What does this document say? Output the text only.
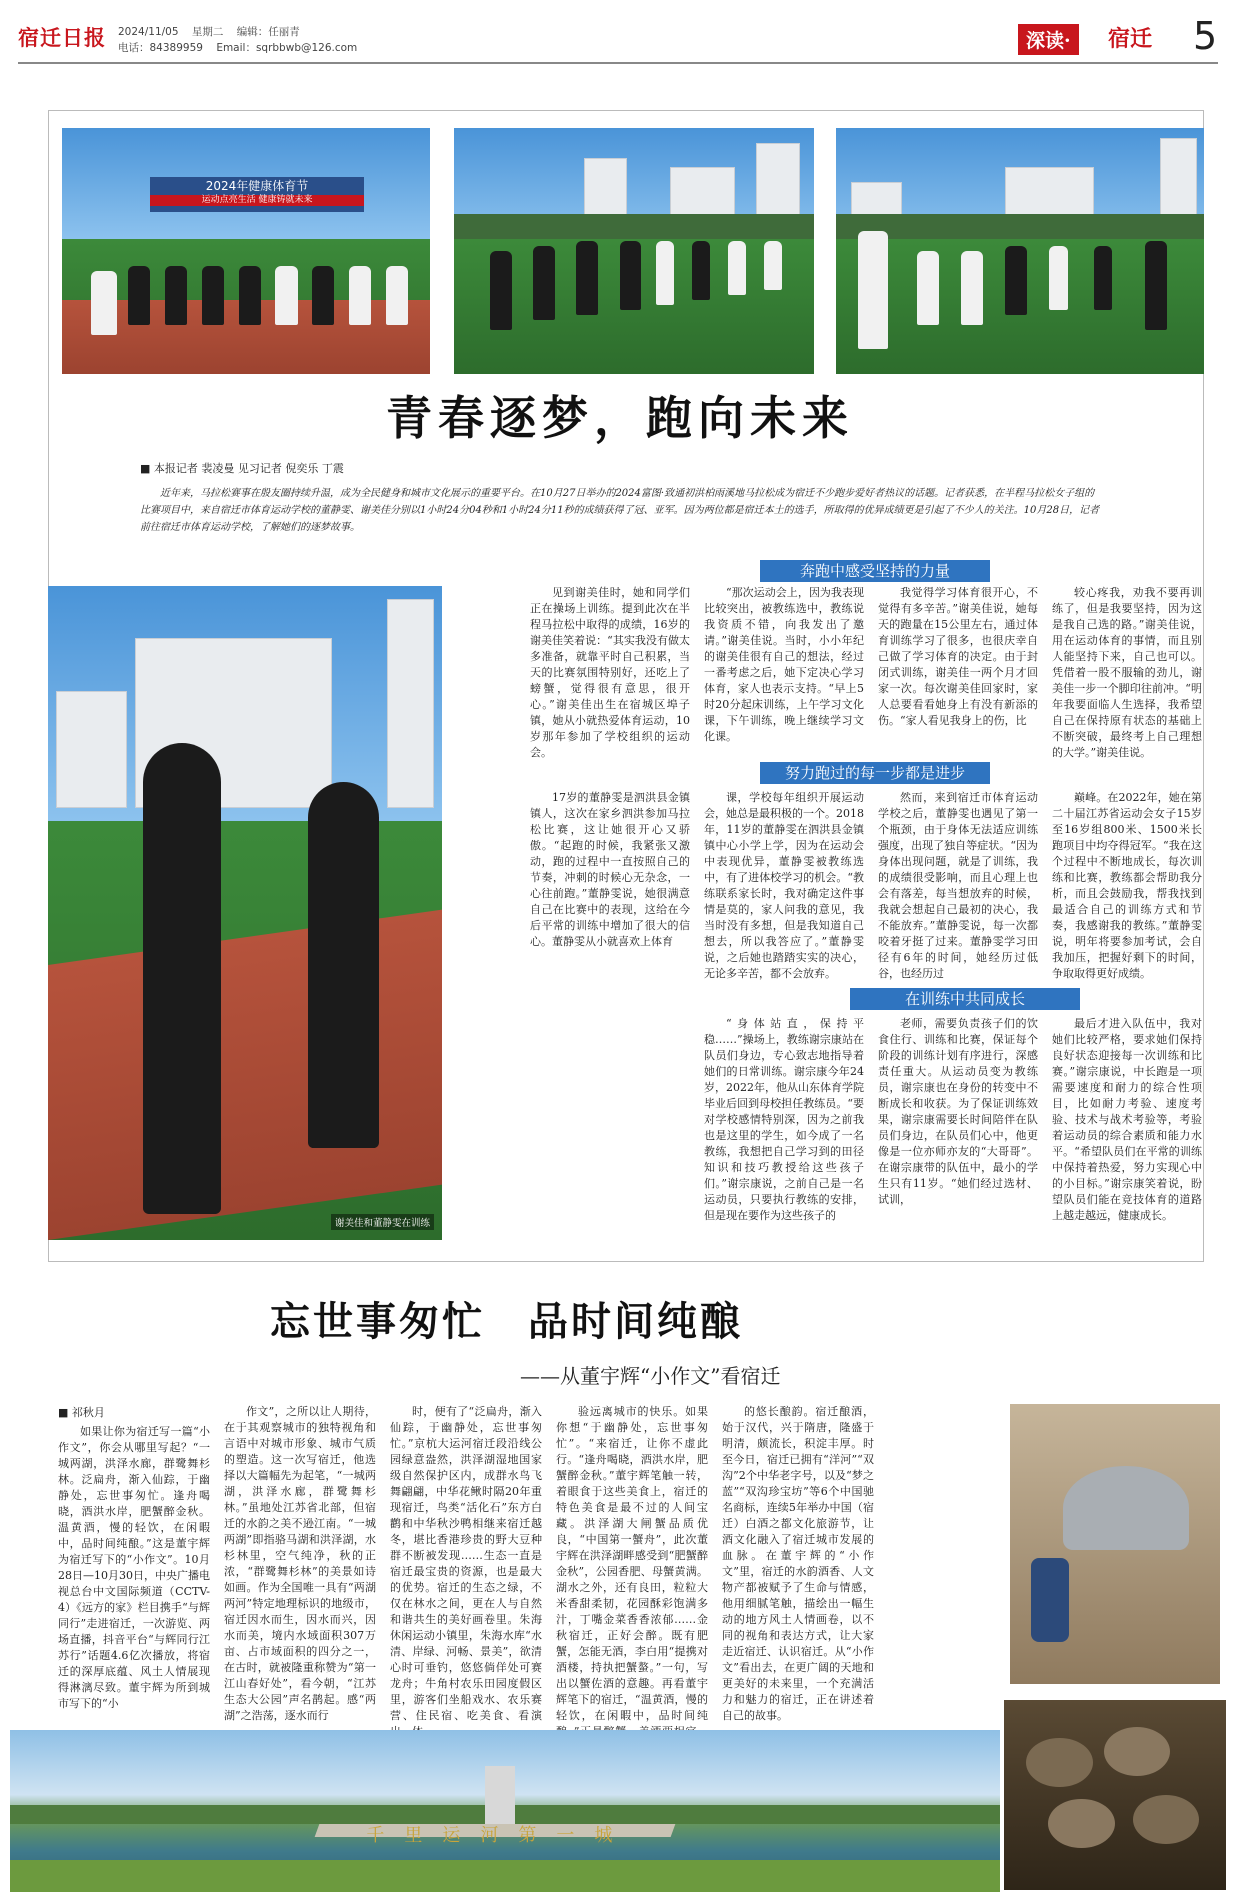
宿迁日报 2024/11/05 星期二 编辑：任丽青
电话：84389959 Email：sqrbbwb@126.com	深读·	宿迁 5
2024年健康体育节
运动点亮生活 健康铸就未来
青春逐梦，跑向未来
■ 本报记者 裴凌曼 见习记者 倪奕乐 丁震
近年来，马拉松赛事在殷友圈持续升温，成为全民健身和城市文化展示的重要平台。在10月27日举办的2024富图·致通初洪柏雨溪地马拉松成为宿迁不少跑步爱好者热议的话题。记者获悉，在半程马拉松女子组的比赛项目中，来自宿迁市体育运动学校的董静雯、谢美佳分别以1小时24分04秒和1小时24分11秒的成绩获得了冠、亚军。因为两位都是宿迁本土的选手，所取得的优异成绩更是引起了不少人的关注。10月28日，记者前往宿迁市体育运动学校，了解她们的逐梦故事。
谢美佳和董静雯在训练
奔跑中感受坚持的力量
努力跑过的每一步都是进步
在训练中共同成长

见到谢美佳时，她和同学们正在操场上训练。提到此次在半程马拉松中取得的成绩，16岁的谢美佳笑着说：“其实我没有做太多准备，就靠平时自己积累，当天的比赛氛围特别好，还吃上了螃蟹，觉得很有意思，很开心。”谢美佳出生在宿城区埠子镇，她从小就热爱体育运动，10岁那年参加了学校组织的运动会。

“那次运动会上，因为我表现比较突出，被教练选中，教练说我资质不错，向我发出了邀请。”谢美佳说。当时，小小年纪的谢美佳很有自己的想法，经过一番考虑之后，她下定决心学习体育，家人也表示支持。“早上5时20分起床训练，上午学习文化课，下午训练，晚上继续学习文化课。

我觉得学习体育很开心，不觉得有多辛苦。”谢美佳说，她每天的跑量在15公里左右，通过体育训练学习了很多，也很庆幸自己做了学习体育的决定。由于封闭式训练，谢美佳一两个月才回家一次。每次谢美佳回家时，家人总要看看她身上有没有新添的伤。“家人看见我身上的伤，比

较心疼我，劝我不要再训练了，但是我要坚持，因为这是我自己选的路。”谢美佳说，用在运动体育的事情，而且别人能坚持下来，自己也可以。凭借着一股不服输的劲儿，谢美佳一步一个脚印往前冲。“明年我要面临人生选择，我希望自己在保持原有状态的基础上不断突破，最终考上自己理想的大学。”谢美佳说。

17岁的董静雯是泗洪县金镇镇人，这次在家乡泗洪参加马拉松比赛，这让她很开心又骄傲。“起跑的时候，我紧张又激动，跑的过程中一直按照自己的节奏，冲刺的时候心无杂念，一心往前跑。”董静雯说，她很满意自己在比赛中的表现，这给在今后平常的训练中增加了很大的信心。董静雯从小就喜欢上体育

课，学校每年组织开展运动会，她总是最积极的一个。2018年，11岁的董静雯在泗洪县金镇镇中心小学上学，因为在运动会中表现优异，董静雯被教练选中，有了进体校学习的机会。“教练联系家长时，我对确定这件事情是莫的，家人问我的意见，我当时没有多想，但是我知道自己想去，所以我答应了。”董静雯说，之后她也踏踏实实的决心，无论多辛苦，都不会放弃。

然而，来到宿迁市体育运动学校之后，董静雯也遇见了第一个瓶颈，由于身体无法适应训练强度，出现了独自等症状。“因为身体出现问题，就是了训练，我的成绩很受影响，而且心理上也会有落差，每当想放弃的时候，我就会想起自己最初的决心，我不能放弃。”董静雯说，每一次都咬着牙挺了过来。董静雯学习田径有6年的时间，她经历过低谷，也经历过

巅峰。在2022年，她在第二十届江苏省运动会女子15岁至16岁组800米、1500米长跑项目中均夺得冠军。“我在这个过程中不断地成长，每次训练和比赛，教练都会帮助我分析，而且会鼓励我，帮我找到最适合自己的训练方式和节奏，我感谢我的教练。”董静雯说，明年将要参加考试，会自我加压，把握好剩下的时间，争取取得更好成绩。

“身体站直，保持平稳……”操场上，教练谢宗康站在队员们身边，专心致志地指导着她们的日常训练。谢宗康今年24岁，2022年，他从山东体育学院毕业后回到母校担任教练员。“要对学校感情特别深，因为之前我也是这里的学生，如今成了一名教练，我想把自己学习到的田径知识和技巧教授给这些孩子们。”谢宗康说，之前自己是一名运动员，只要执行教练的安排，但是现在要作为这些孩子的

老师，需要负责孩子们的饮食住行、训练和比赛，保证每个阶段的训练计划有序进行，深感责任重大。从运动员变为教练员，谢宗康也在身份的转变中不断成长和收获。为了保证训练效果，谢宗康需要长时间陪伴在队员们身边，在队员们心中，他更像是一位亦师亦友的“大哥哥”。在谢宗康带的队伍中，最小的学生只有11岁。“她们经过选材、试训，

最后才进入队伍中，我对她们比较严格，要求她们保持良好状态迎接每一次训练和比赛。”谢宗康说，中长跑是一项需要速度和耐力的综合性项目，比如耐力考验、速度考验、技术与战术考验等，考验着运动员的综合素质和能力水平。“希望队员们在平常的训练中保持着热爱，努力实现心中的小目标。”谢宗康笑着说，盼望队员们能在竞技体育的道路上越走越远，健康成长。

忘世事匆忙　品时间纯酿
——从董宇辉“小作文”看宿迁
■ 祁秋月

如果让你为宿迁写一篇“小作文”，你会从哪里写起？“一城两湖，洪泽水廊，群鹭舞杉林。泛扁舟，渐入仙踪，于幽静处，忘世事匆忙。逢舟喝晓，酒洪水岸，肥蟹醉金秋。温黄酒，慢的轻饮，在闲暇中，品时间纯酿。”这是董宇辉为宿迁写下的“小作文”。10月28日—10月30日，中央广播电视总台中文国际频道（CCTV-4）《远方的家》栏目携手“与辉同行”走进宿迁，一次游览、两场直播，抖音平台“与辉同行江苏行”话题4.6亿次播放，将宿迁的深厚底蕴、风土人情展现得淋漓尽致。董宇辉为所到城市写下的“小

作文”，之所以让人期待，在于其观察城市的独特视角和言语中对城市形象、城市气质的塑造。这一次写宿迁，他选择以大篇幅先为起笔，“一城两湖，洪泽水廊，群鹭舞杉林。”虽地处江苏省北部，但宿迁的水韵之美不逊江南。“一城两湖”即指骆马湖和洪泽湖，水杉林里，空气纯净，秋的正浓，“群鹭舞杉林”的美景如诗如画。作为全国唯一具有“两湖两河”特定地理标识的地级市，宿迁因水而生，因水而兴，因水而美，境内水域面积307万亩、占市域面积的四分之一，在古时，就被隆重称赞为“第一江山春好处”，看今朝，“江苏生态大公园”声名鹊起。感“两湖”之浩荡，逐水而行

时，便有了“泛扁舟，渐入仙踪，于幽静处，忘世事匆忙。”京杭大运河宿迁段沿线公园绿意盎然，洪泽湖湿地国家级自然保护区内，成群水鸟飞舞翩翩，中华花鳅时隔20年重现宿迁，鸟类“活化石”东方白鹳和中华秋沙鸭相继来宿迁越冬，堪比香港珍贵的野大豆种群不断被发现……生态一直是宿迁最宝贵的资源，也是最大的优势。宿迁的生态之绿，不仅在林水之间，更在人与自然和谐共生的美好画卷里。朱海休闲运动小镇里，朱海水库“水清、岸绿、河畅、景美”，欲清心时可垂钓，悠悠倘佯处可赛龙舟；牛角村农乐田园度假区里，游客们坐船戏水、农乐赛营、住民宿、吃美食、看演

验远离城市的快乐。如果你想“于幽静处，忘世事匆忙”。“来宿迁，让你不虚此行。“逢舟喝晓，酒洪水岸，肥蟹醉金秋。”董宇辉笔触一转，着眼食于这些美食上，宿迁的特色美食是最不过的人间宝藏。洪泽湖大闸蟹品质优良，“中国第一蟹舟”，此次董宇辉在洪泽湖畔感受到“肥蟹醉金秋”，公园香肥、母蟹黄满。湖水之外，还有良田，粒粒大米香甜柔韧，花园酥彩饱满多汁，丁嘴金菜香香浓郁……金秋宿迁，正好会醉。既有肥蟹，怎能无酒，李白用“提携对酒楼，持执把蟹螯。”一句，写出以蟹佐酒的意趣。再看董宇辉笔下的宿迁，“温黄酒，慢的轻饮，在闲暇中，品时间纯

的悠长酿韵。宿迁酿酒，始于汉代，兴于隋唐，隆盛于明清，颇流长，积淀丰厚。时至今日，宿迁已拥有“洋河”“双沟”2个中华老字号，以及“梦之蓝”“双沟珍宝坊”等6个中国驰名商标，连续5年举办中国（宿迁）白酒之都文化旅游节，让酒文化融入了宿迁城市发展的血脉。在董宇辉的“小作文”里，宿迁的水韵酒香、人文物产都被赋予了生命与情感，他用细腻笔触，描绘出一幅生动的地方风土人情画卷，以不同的视角和表达方式，让大家走近宿迁、认识宿迁。从“小作文”看出去，在更广阔的天地和更美好的未来里，一个充满活力和魅力的宿迁，正在讲述着自己的故事。

千里运河第一城
